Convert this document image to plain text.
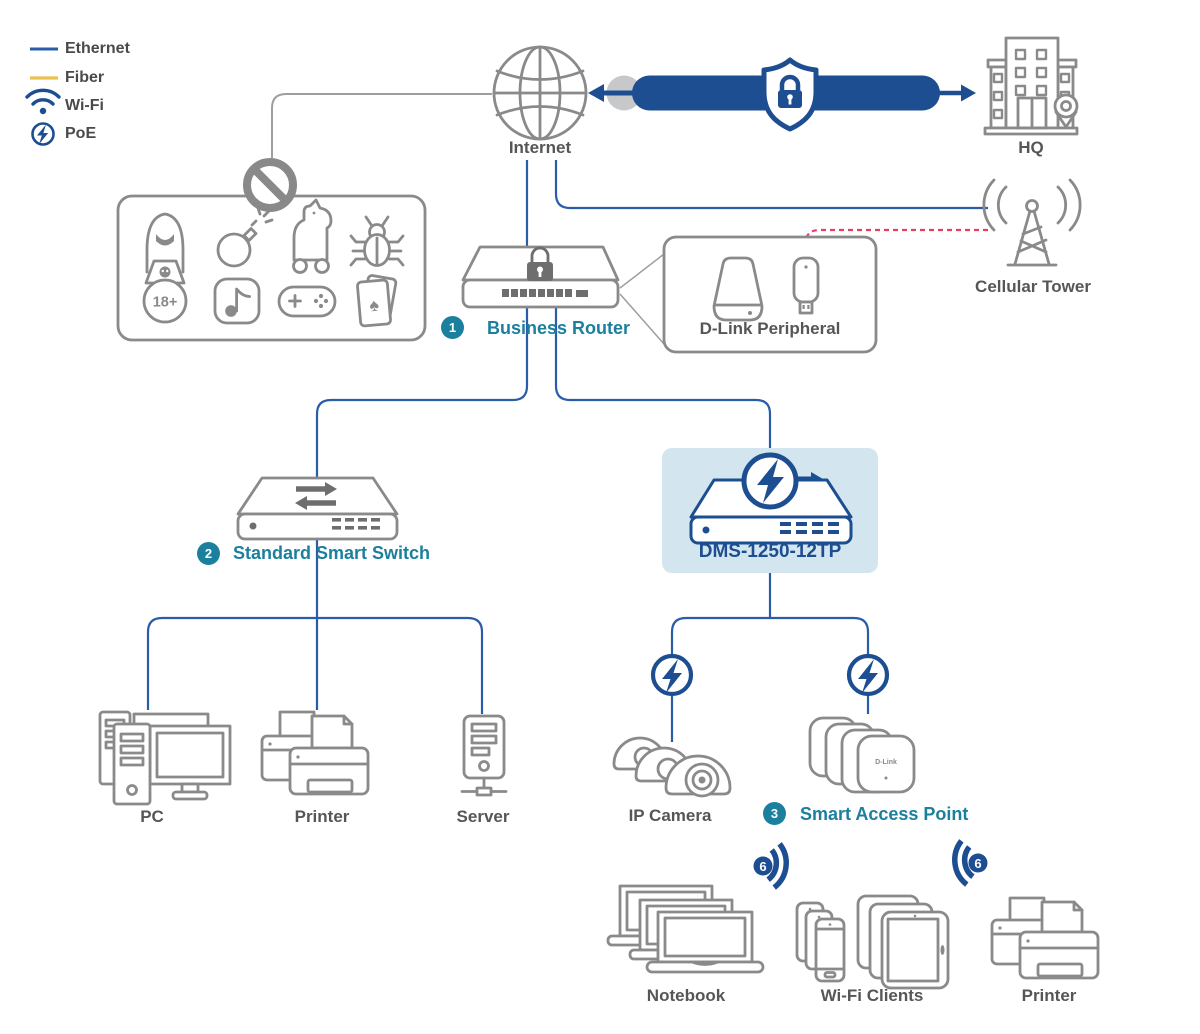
18+	♠
D-Link
6	6
Ethernet
Fiber
Wi-Fi
PoE
Internet	HQ
Cellular Tower
D-Link Peripheral
1	Business Router
2	Standard Smart Switch	DMS-1250-12TP
PC	Printer	Server	IP Camera	3	Smart Access Point
Notebook	Wi-Fi Clients	Printer
